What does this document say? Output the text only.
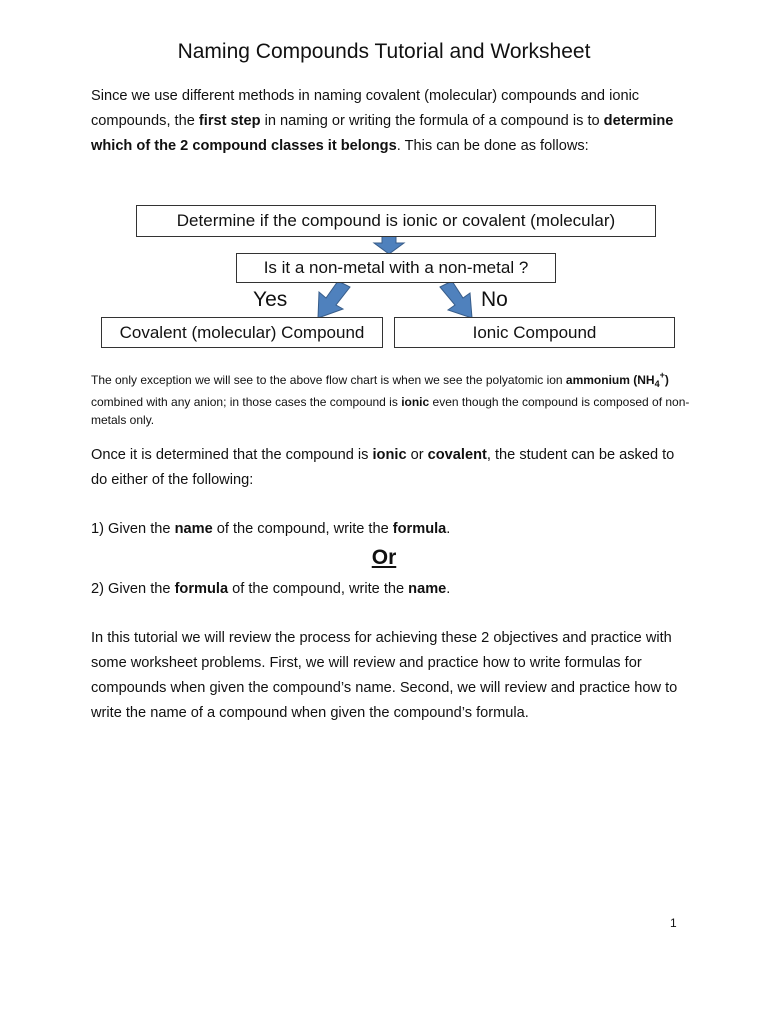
Naming Compounds Tutorial and Worksheet
Since we use different methods in naming covalent (molecular) compounds and ionic compounds, the first step in naming or writing the formula of a compound is to determine which of the 2 compound classes it belongs. This can be done as follows:
Determine if the compound is ionic or covalent (molecular)
Is it a non-metal with a non-metal ?
Yes	No
Covalent (molecular) Compound	Ionic Compound
The only exception we will see to the above flow chart is when we see the polyatomic ion ammonium $(NH_4^+)$ combined with any anion; in those cases the compound is ionic even though the compound is composed of non-metals only.
Once it is determined that the compound is ionic or covalent, the student can be asked to do either of the following:
1) Given the name of the compound, write the formula.
Or
2) Given the formula of the compound, write the name.
In this tutorial we will review the process for achieving these 2 objectives and practice with some worksheet problems. First, we will review and practice how to write formulas for compounds when given the compound’s name. Second, we will review and practice how to write the name of a compound when given the compound’s formula.
1
